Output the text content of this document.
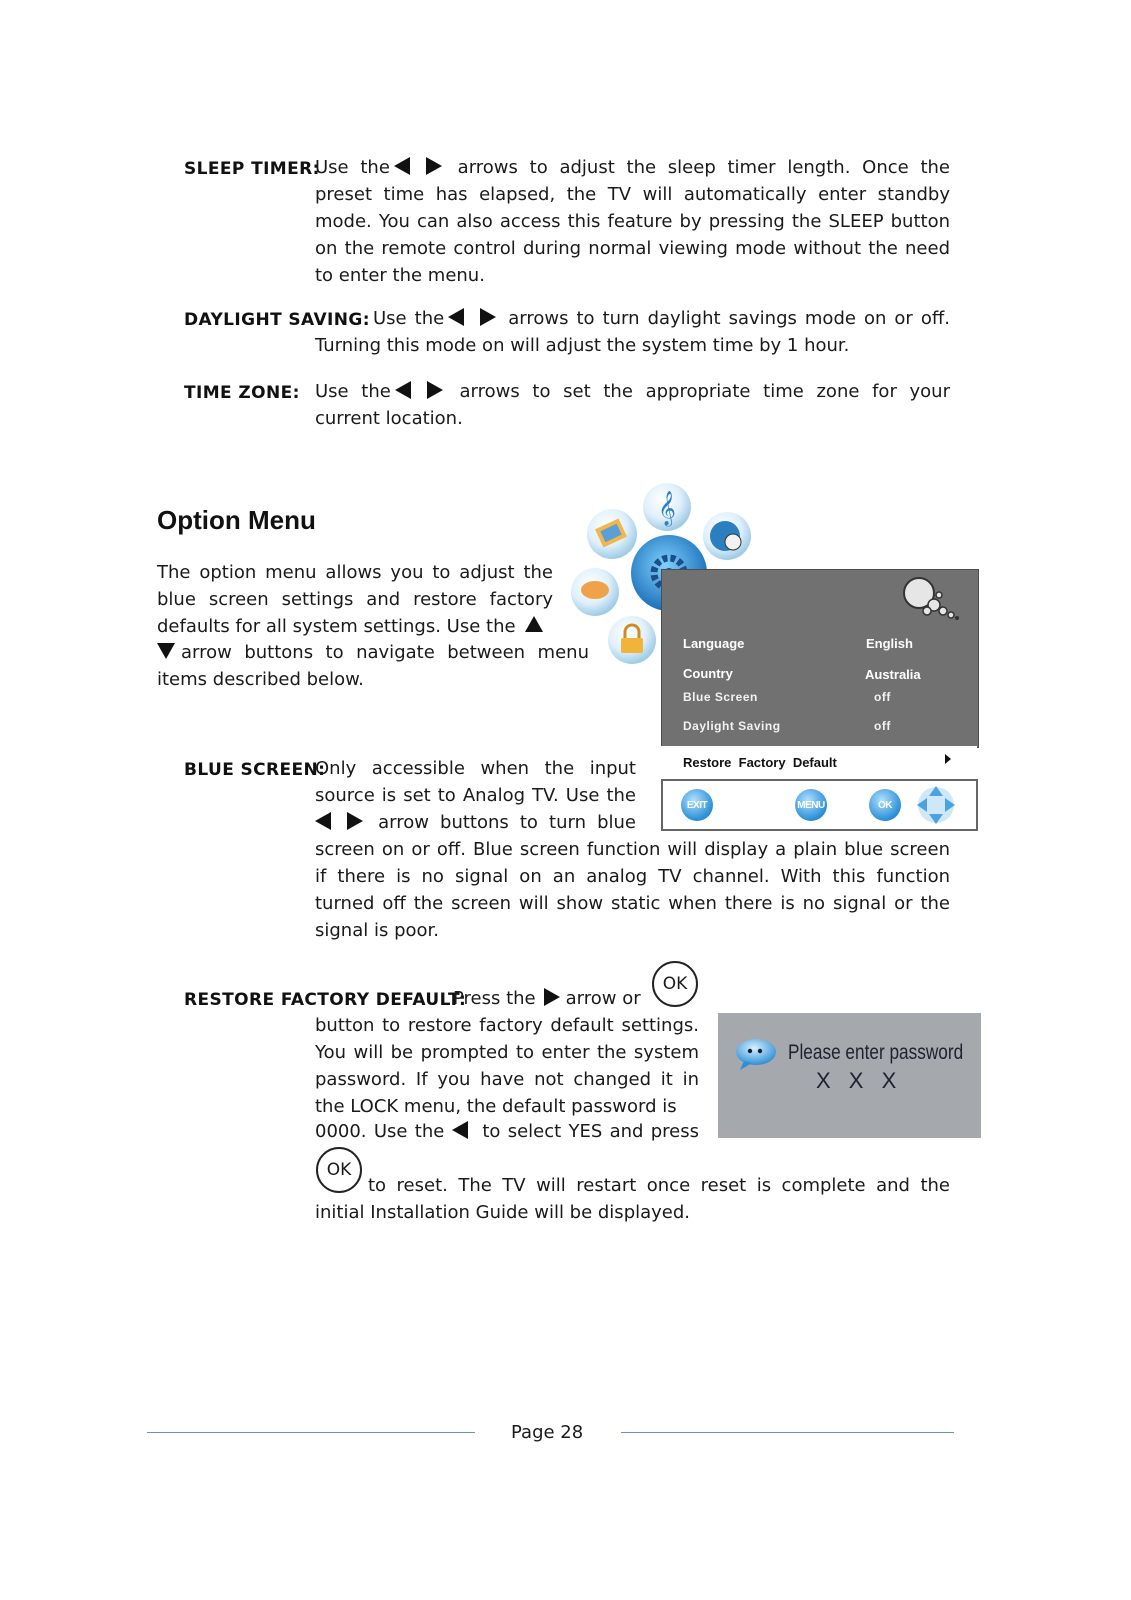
SLEEP TIMER:
Use the	arrows to adjust the sleep timer length. Once the preset time has elapsed, the TV will automatically enter standby mode. You can also access this feature by pressing the SLEEP button on the remote control during normal viewing mode without the need to enter the menu.
DAYLIGHT SAVING: Use the	arrows to turn daylight savings mode on or off.
Turning this mode on will adjust the system time by 1 hour.
TIME ZONE: Use the	arrows to set the appropriate time zone for your current location.
Option Menu
The option menu allows you to adjust the blue screen settings and restore factory defaults for all system settings. Use the
arrow buttons to navigate between menu items described below.
𝄞
Language	English
Country	Australia
Blue Screen	off
Daylight Saving	off
Restore  Factory  Default
EXIT	MENU	OK
BLUE SCREEN:
Only accessible when the input
source is set to Analog TV. Use the
arrow buttons to turn blue
screen on or off. Blue screen function will display a plain blue screen if there is no signal on an analog TV channel. With this function turned off the screen will show static when there is no signal or the signal is poor.
RESTORE FACTORY DEFAULT:
Press the arrow or
OK
button to restore factory default settings. You will be prompted to enter the system password. If you have not changed it in the LOCK menu, the default password is
0000. Use the to select YES and press
OK
to reset. The TV will restart once reset is complete and the initial Installation Guide will be displayed.
Please enter password
X X X
Page 28
